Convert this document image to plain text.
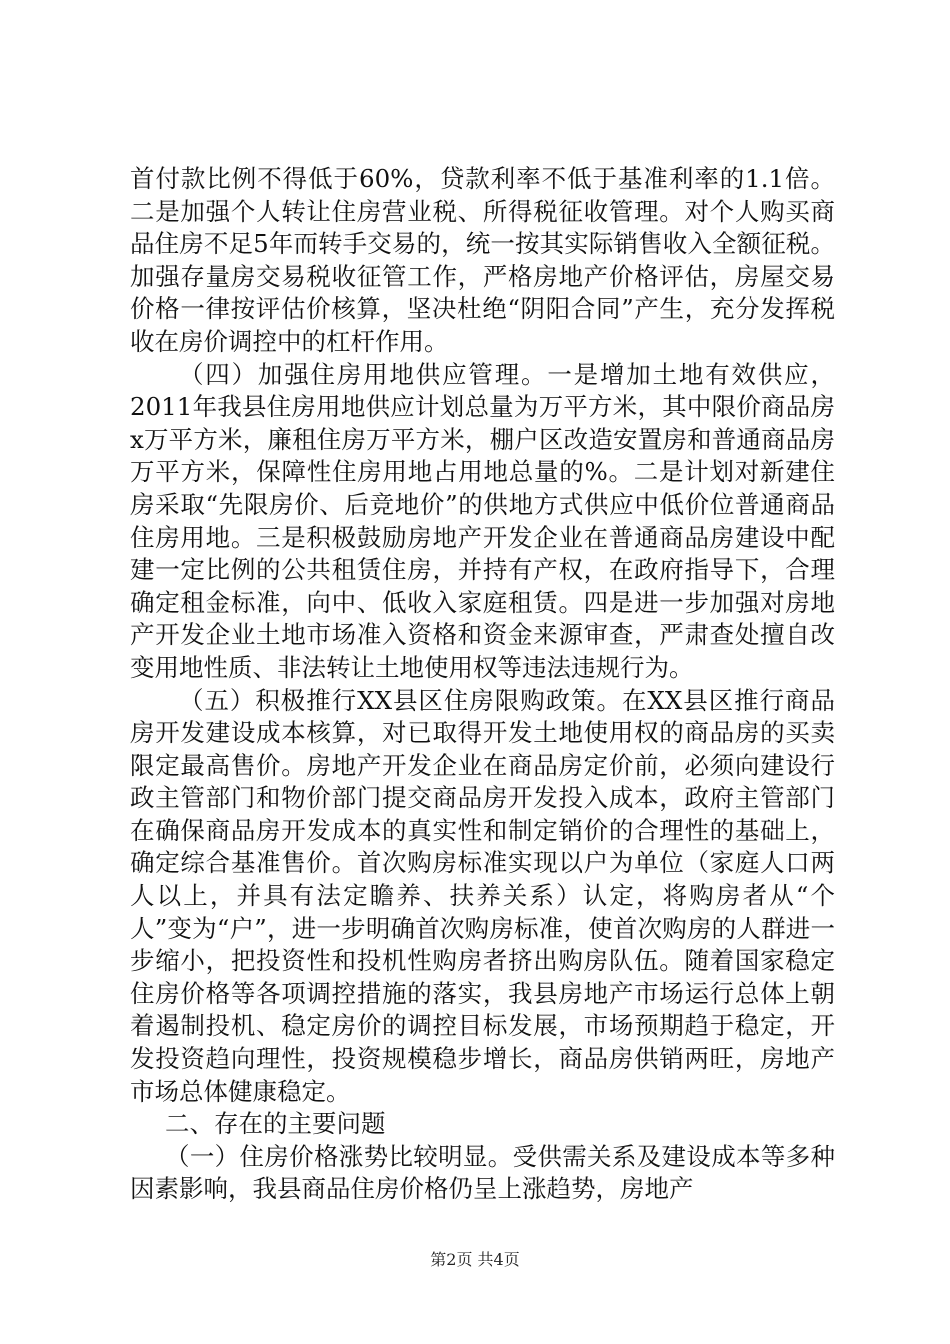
首付款比例不得低于60%，贷款利率不低于基准利率的1.1倍。二是加强个人转让住房营业税、所得税征收管理。对个人购买商品住房不足5年而转手交易的，统一按其实际销售收入全额征税。加强存量房交易税收征管工作，严格房地产价格评估，房屋交易价格一律按评估价核算，坚决杜绝“阴阳合同”产生，充分发挥税收在房价调控中的杠杆作用。

（四）加强住房用地供应管理。一是增加土地有效供应，2011年我县住房用地供应计划总量为万平方米，其中限价商品房x万平方米，廉租住房万平方米，棚户区改造安置房和普通商品房万平方米，保障性住房用地占用地总量的%。二是计划对新建住房采取“先限房价、后竞地价”的供地方式供应中低价位普通商品住房用地。三是积极鼓励房地产开发企业在普通商品房建设中配建一定比例的公共租赁住房，并持有产权，在政府指导下，合理确定租金标准，向中、低收入家庭租赁。四是进一步加强对房地产开发企业土地市场准入资格和资金来源审查，严肃查处擅自改变用地性质、非法转让土地使用权等违法违规行为。

（五）积极推行XX县区住房限购政策。在XX县区推行商品房开发建设成本核算，对已取得开发土地使用权的商品房的买卖限定最高售价。房地产开发企业在商品房定价前，必须向建设行政主管部门和物价部门提交商品房开发投入成本，政府主管部门在确保商品房开发成本的真实性和制定销价的合理性的基础上，确定综合基准售价。首次购房标准实现以户为单位（家庭人口两人以上，并具有法定瞻养、扶养关系）认定，将购房者从“个人”变为“户”，进一步明确首次购房标准，使首次购房的人群进一步缩小，把投资性和投机性购房者挤出购房队伍。随着国家稳定住房价格等各项调控措施的落实，我县房地产市场运行总体上朝着遏制投机、稳定房价的调控目标发展，市场预期趋于稳定，开发投资趋向理性，投资规模稳步增长，商品房供销两旺，房地产市场总体健康稳定。

二、存在的主要问题

（一）住房价格涨势比较明显。受供需关系及建设成本等多种因素影响，我县商品住房价格仍呈上涨趋势，房地产

第2页 共4页
